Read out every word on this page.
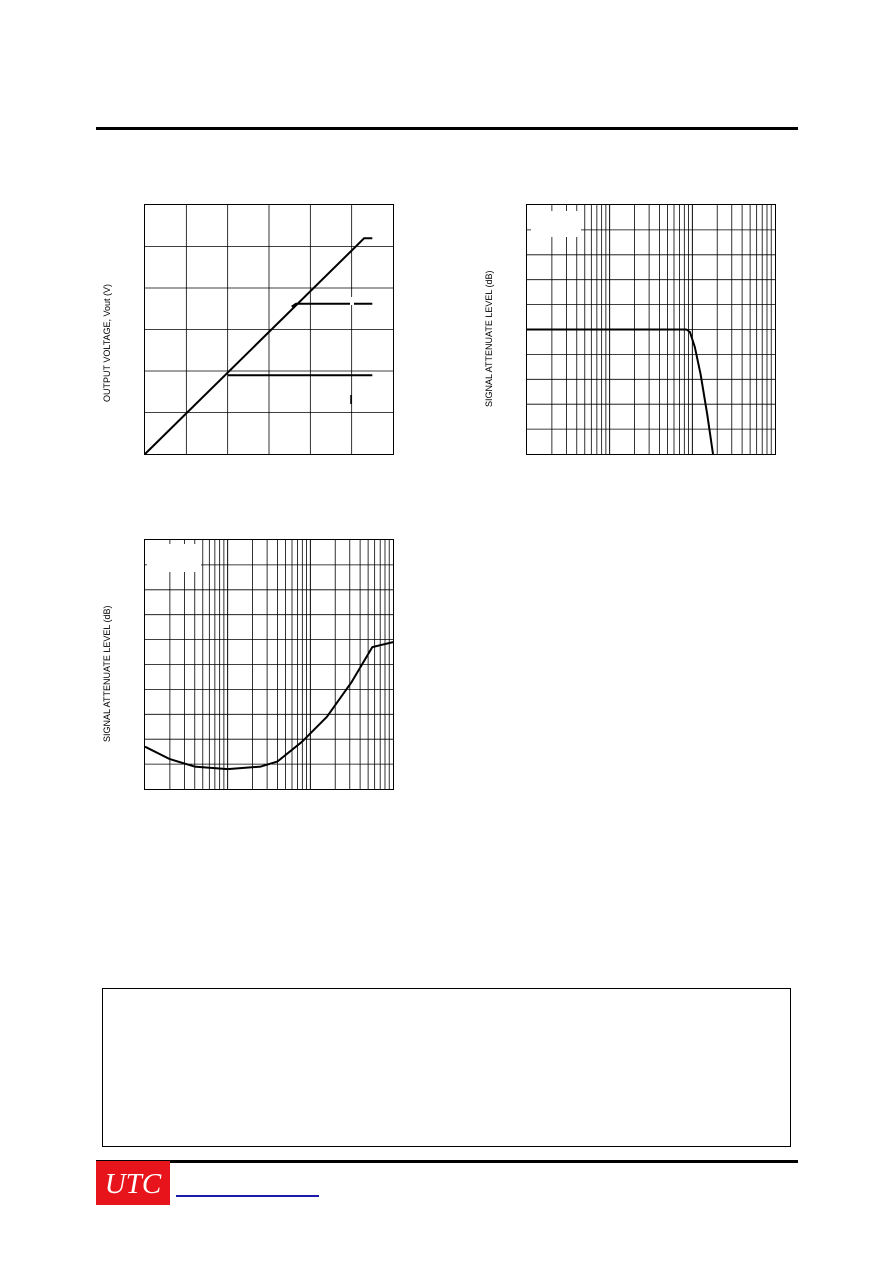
OUTPUT VOLTAGE, Vout (V)	SIGNAL ATTENUATE LEVEL (dB)
SIGNAL ATTENUATE LEVEL (dB)
UTC
